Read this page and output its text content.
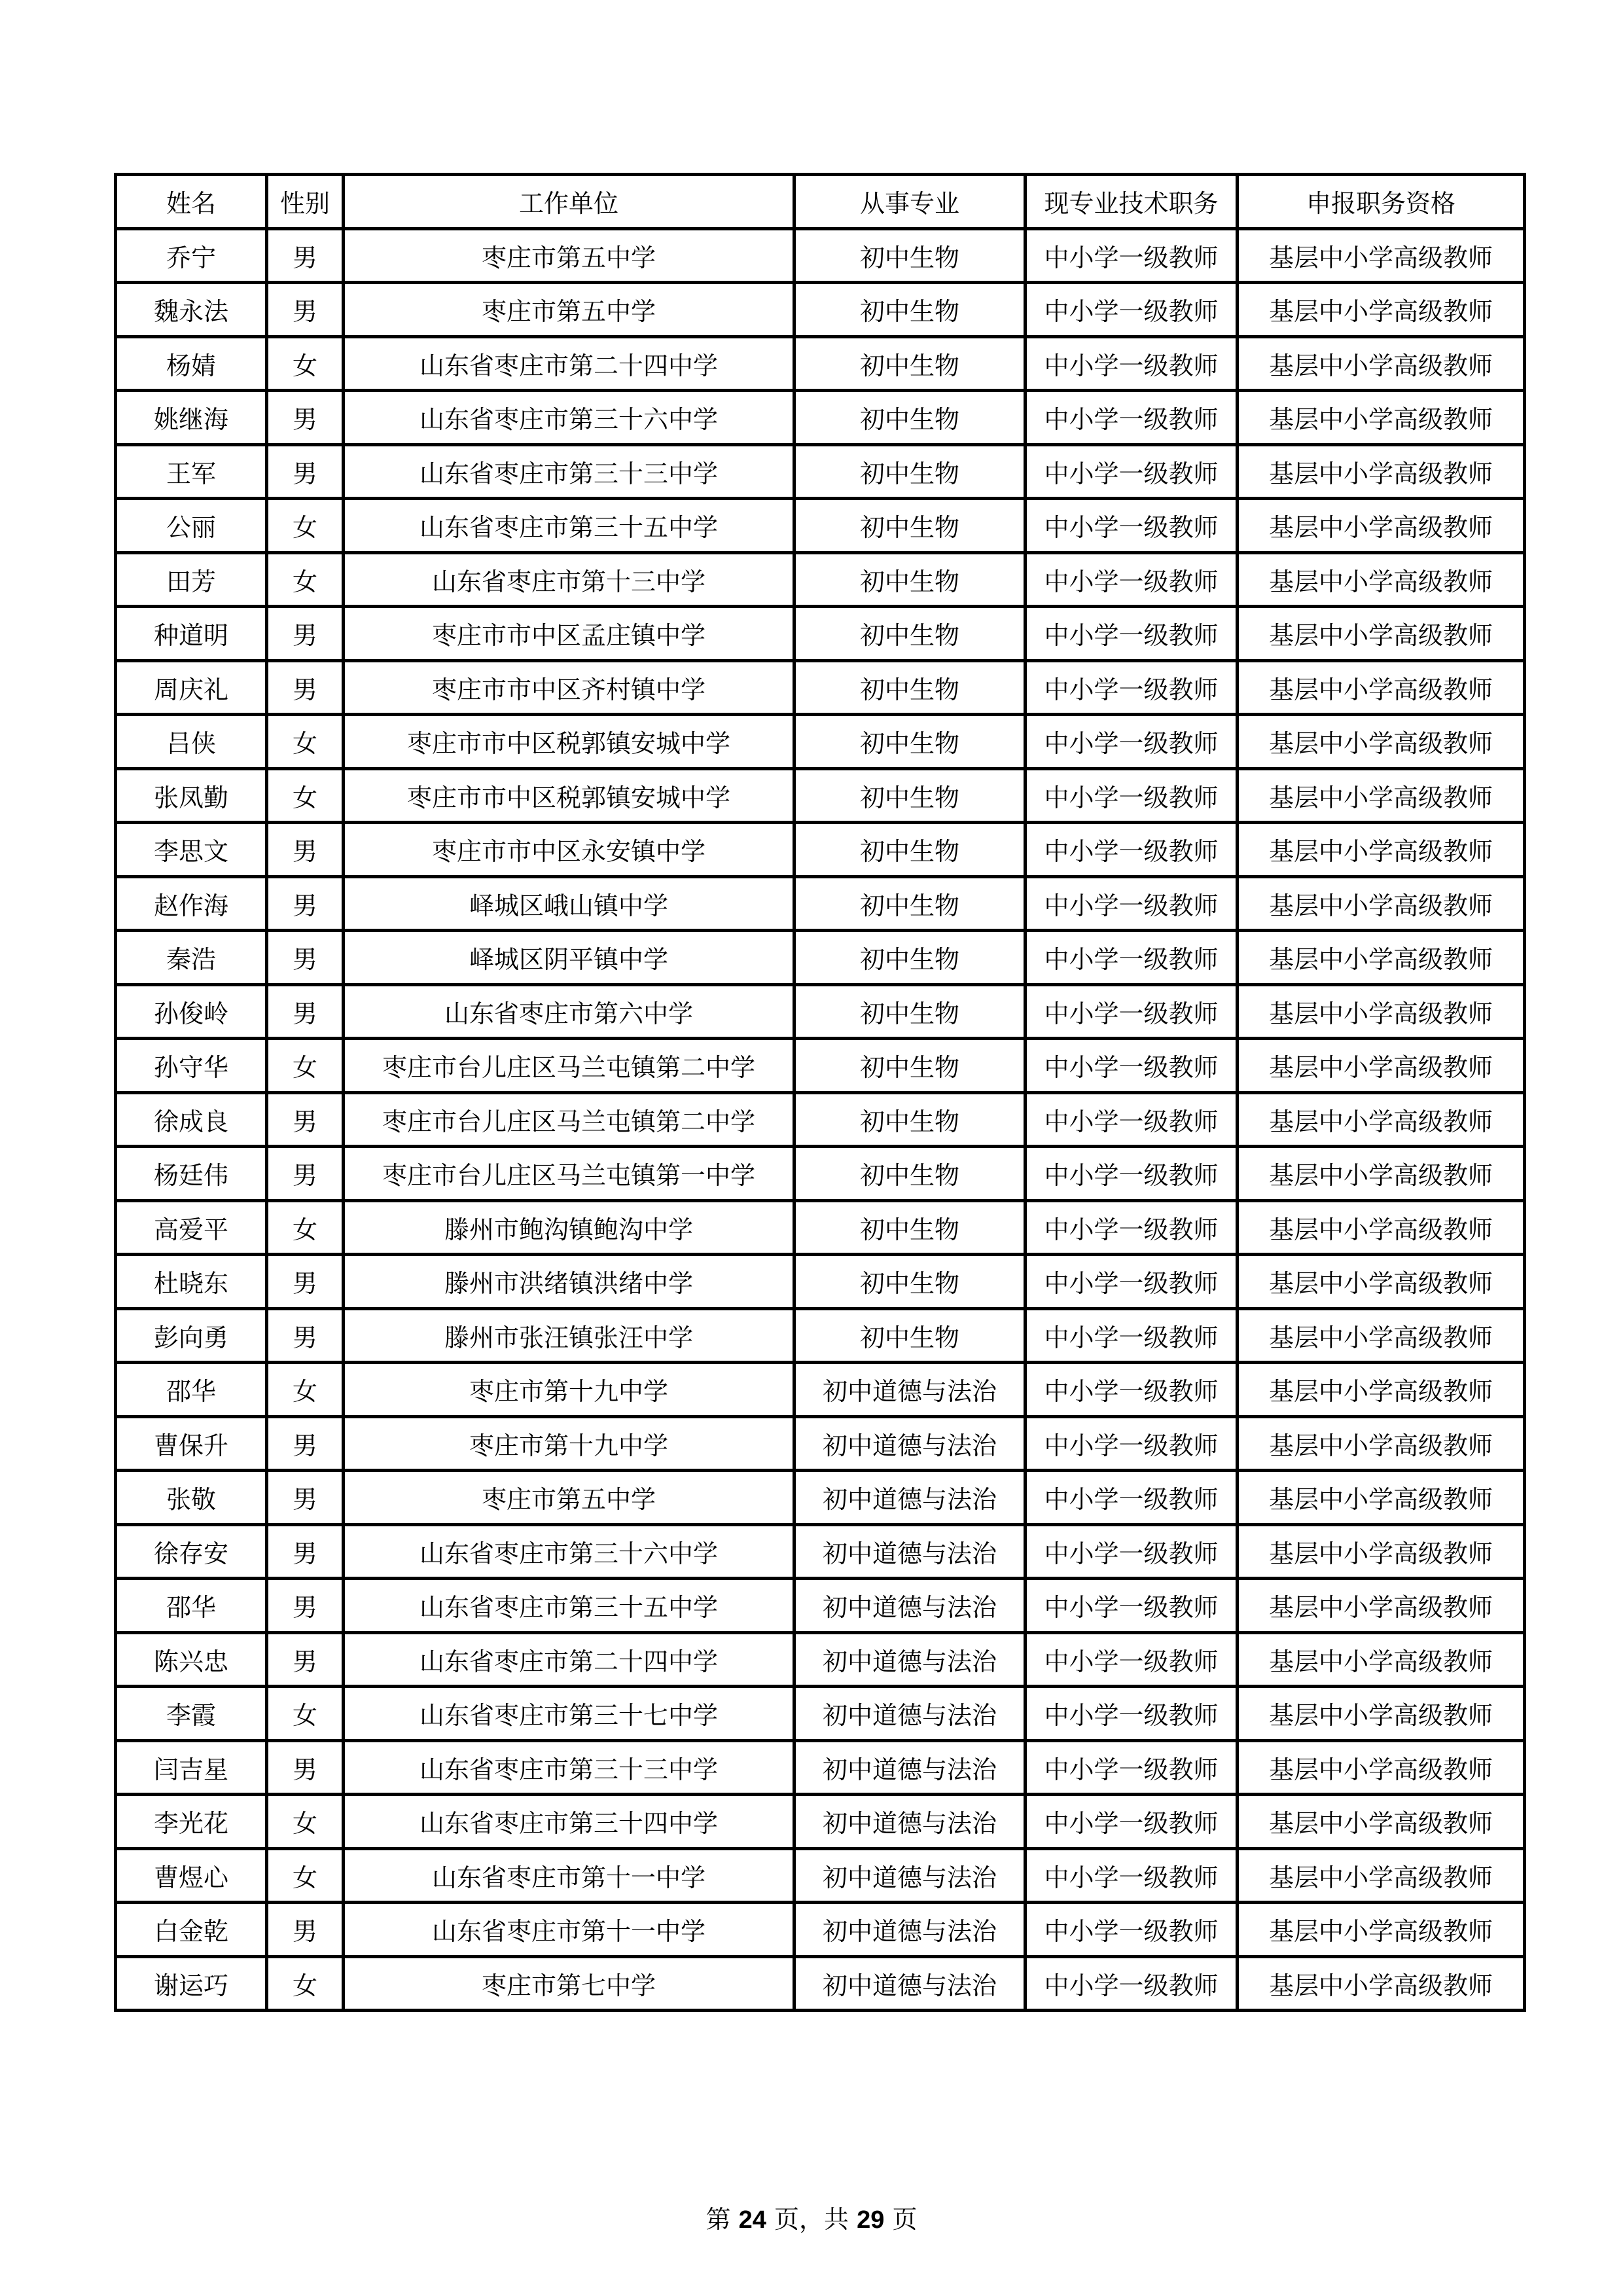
姓名	性别	工作单位	从事专业	现专业技术职务	申报职务资格
乔宁	男	枣庄市第五中学	初中生物	中小学一级教师	基层中小学高级教师
魏永法	男	枣庄市第五中学	初中生物	中小学一级教师	基层中小学高级教师
杨婧	女	山东省枣庄市第二十四中学	初中生物	中小学一级教师	基层中小学高级教师
姚继海	男	山东省枣庄市第三十六中学	初中生物	中小学一级教师	基层中小学高级教师
王军	男	山东省枣庄市第三十三中学	初中生物	中小学一级教师	基层中小学高级教师
公丽	女	山东省枣庄市第三十五中学	初中生物	中小学一级教师	基层中小学高级教师
田芳	女	山东省枣庄市第十三中学	初中生物	中小学一级教师	基层中小学高级教师
种道明	男	枣庄市市中区孟庄镇中学	初中生物	中小学一级教师	基层中小学高级教师
周庆礼	男	枣庄市市中区齐村镇中学	初中生物	中小学一级教师	基层中小学高级教师
吕侠	女	枣庄市市中区税郭镇安城中学	初中生物	中小学一级教师	基层中小学高级教师
张凤勤	女	枣庄市市中区税郭镇安城中学	初中生物	中小学一级教师	基层中小学高级教师
李思文	男	枣庄市市中区永安镇中学	初中生物	中小学一级教师	基层中小学高级教师
赵作海	男	峄城区峨山镇中学	初中生物	中小学一级教师	基层中小学高级教师
秦浩	男	峄城区阴平镇中学	初中生物	中小学一级教师	基层中小学高级教师
孙俊岭	男	山东省枣庄市第六中学	初中生物	中小学一级教师	基层中小学高级教师
孙守华	女	枣庄市台儿庄区马兰屯镇第二中学	初中生物	中小学一级教师	基层中小学高级教师
徐成良	男	枣庄市台儿庄区马兰屯镇第二中学	初中生物	中小学一级教师	基层中小学高级教师
杨廷伟	男	枣庄市台儿庄区马兰屯镇第一中学	初中生物	中小学一级教师	基层中小学高级教师
高爱平	女	滕州市鲍沟镇鲍沟中学	初中生物	中小学一级教师	基层中小学高级教师
杜晓东	男	滕州市洪绪镇洪绪中学	初中生物	中小学一级教师	基层中小学高级教师
彭向勇	男	滕州市张汪镇张汪中学	初中生物	中小学一级教师	基层中小学高级教师
邵华	女	枣庄市第十九中学	初中道德与法治	中小学一级教师	基层中小学高级教师
曹保升	男	枣庄市第十九中学	初中道德与法治	中小学一级教师	基层中小学高级教师
张敬	男	枣庄市第五中学	初中道德与法治	中小学一级教师	基层中小学高级教师
徐存安	男	山东省枣庄市第三十六中学	初中道德与法治	中小学一级教师	基层中小学高级教师
邵华	男	山东省枣庄市第三十五中学	初中道德与法治	中小学一级教师	基层中小学高级教师
陈兴忠	男	山东省枣庄市第二十四中学	初中道德与法治	中小学一级教师	基层中小学高级教师
李霞	女	山东省枣庄市第三十七中学	初中道德与法治	中小学一级教师	基层中小学高级教师
闫吉星	男	山东省枣庄市第三十三中学	初中道德与法治	中小学一级教师	基层中小学高级教师
李光花	女	山东省枣庄市第三十四中学	初中道德与法治	中小学一级教师	基层中小学高级教师
曹煜心	女	山东省枣庄市第十一中学	初中道德与法治	中小学一级教师	基层中小学高级教师
白金乾	男	山东省枣庄市第十一中学	初中道德与法治	中小学一级教师	基层中小学高级教师
谢运巧	女	枣庄市第七中学	初中道德与法治	中小学一级教师	基层中小学高级教师
第 24 页，共 29 页
